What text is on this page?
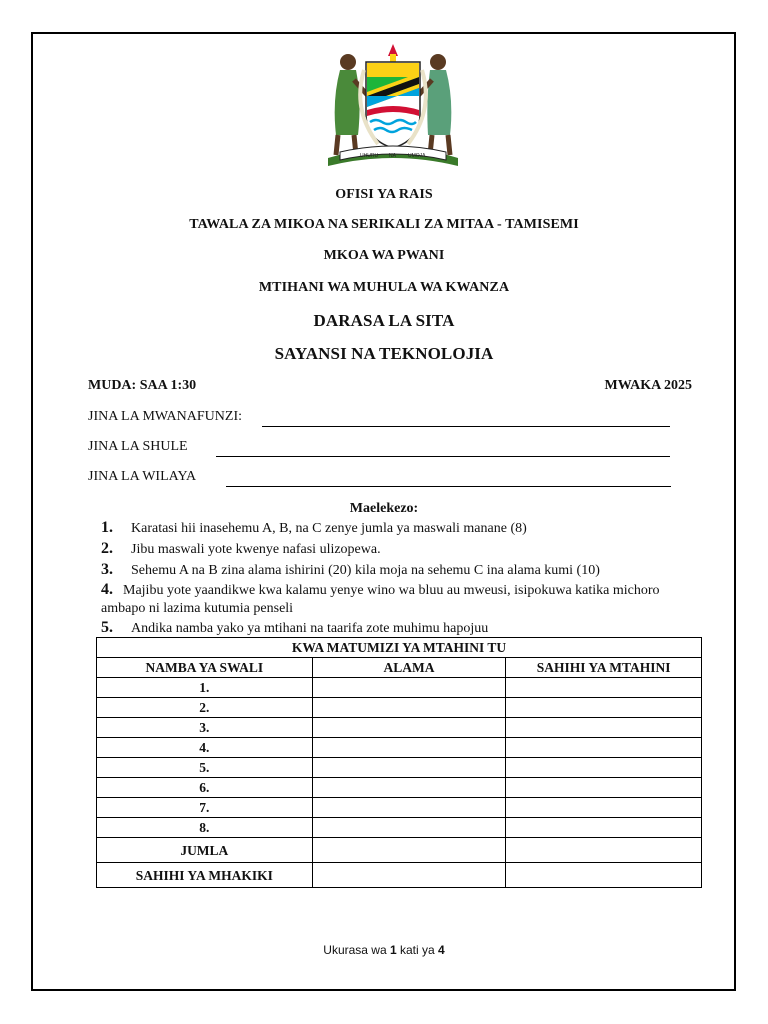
UHURU NA UMOJA
OFISI YA RAIS
TAWALA ZA MIKOA NA SERIKALI ZA MITAA - TAMISEMI
MKOA WA PWANI
MTIHANI WA MUHULA WA KWANZA
DARASA LA SITA
SAYANSI NA TEKNOLOJIA
MUDA: SAA 1:30	MWAKA 2025
JINA LA MWANAFUNZI:
JINA LA SHULE
JINA LA WILAYA
Maelekezo:
1. Karatasi hii inasehemu A, B, na C zenye jumla ya maswali manane (8)
2. Jibu maswali yote kwenye nafasi ulizopewa.
3. Sehemu A na B zina alama ishirini (20) kila moja na sehemu C ina alama kumi (10)
4. Majibu yote yaandikwe kwa kalamu yenye wino wa bluu au mweusi, isipokuwa katika michoro ambapo ni lazima kutumia penseli
5. Andika namba yako ya mtihani na taarifa zote muhimu hapojuu
KWA MATUMIZI YA MTAHINI TU		
NAMBA YA SWALI	ALAMA	SAHIHI YA MTAHINI
1.		
2.		
3.		
4.		
5.		
6.		
7.		
8.		
JUMLA		
SAHIHI YA MHAKIKI		
Ukurasa wa 1 kati ya 4
